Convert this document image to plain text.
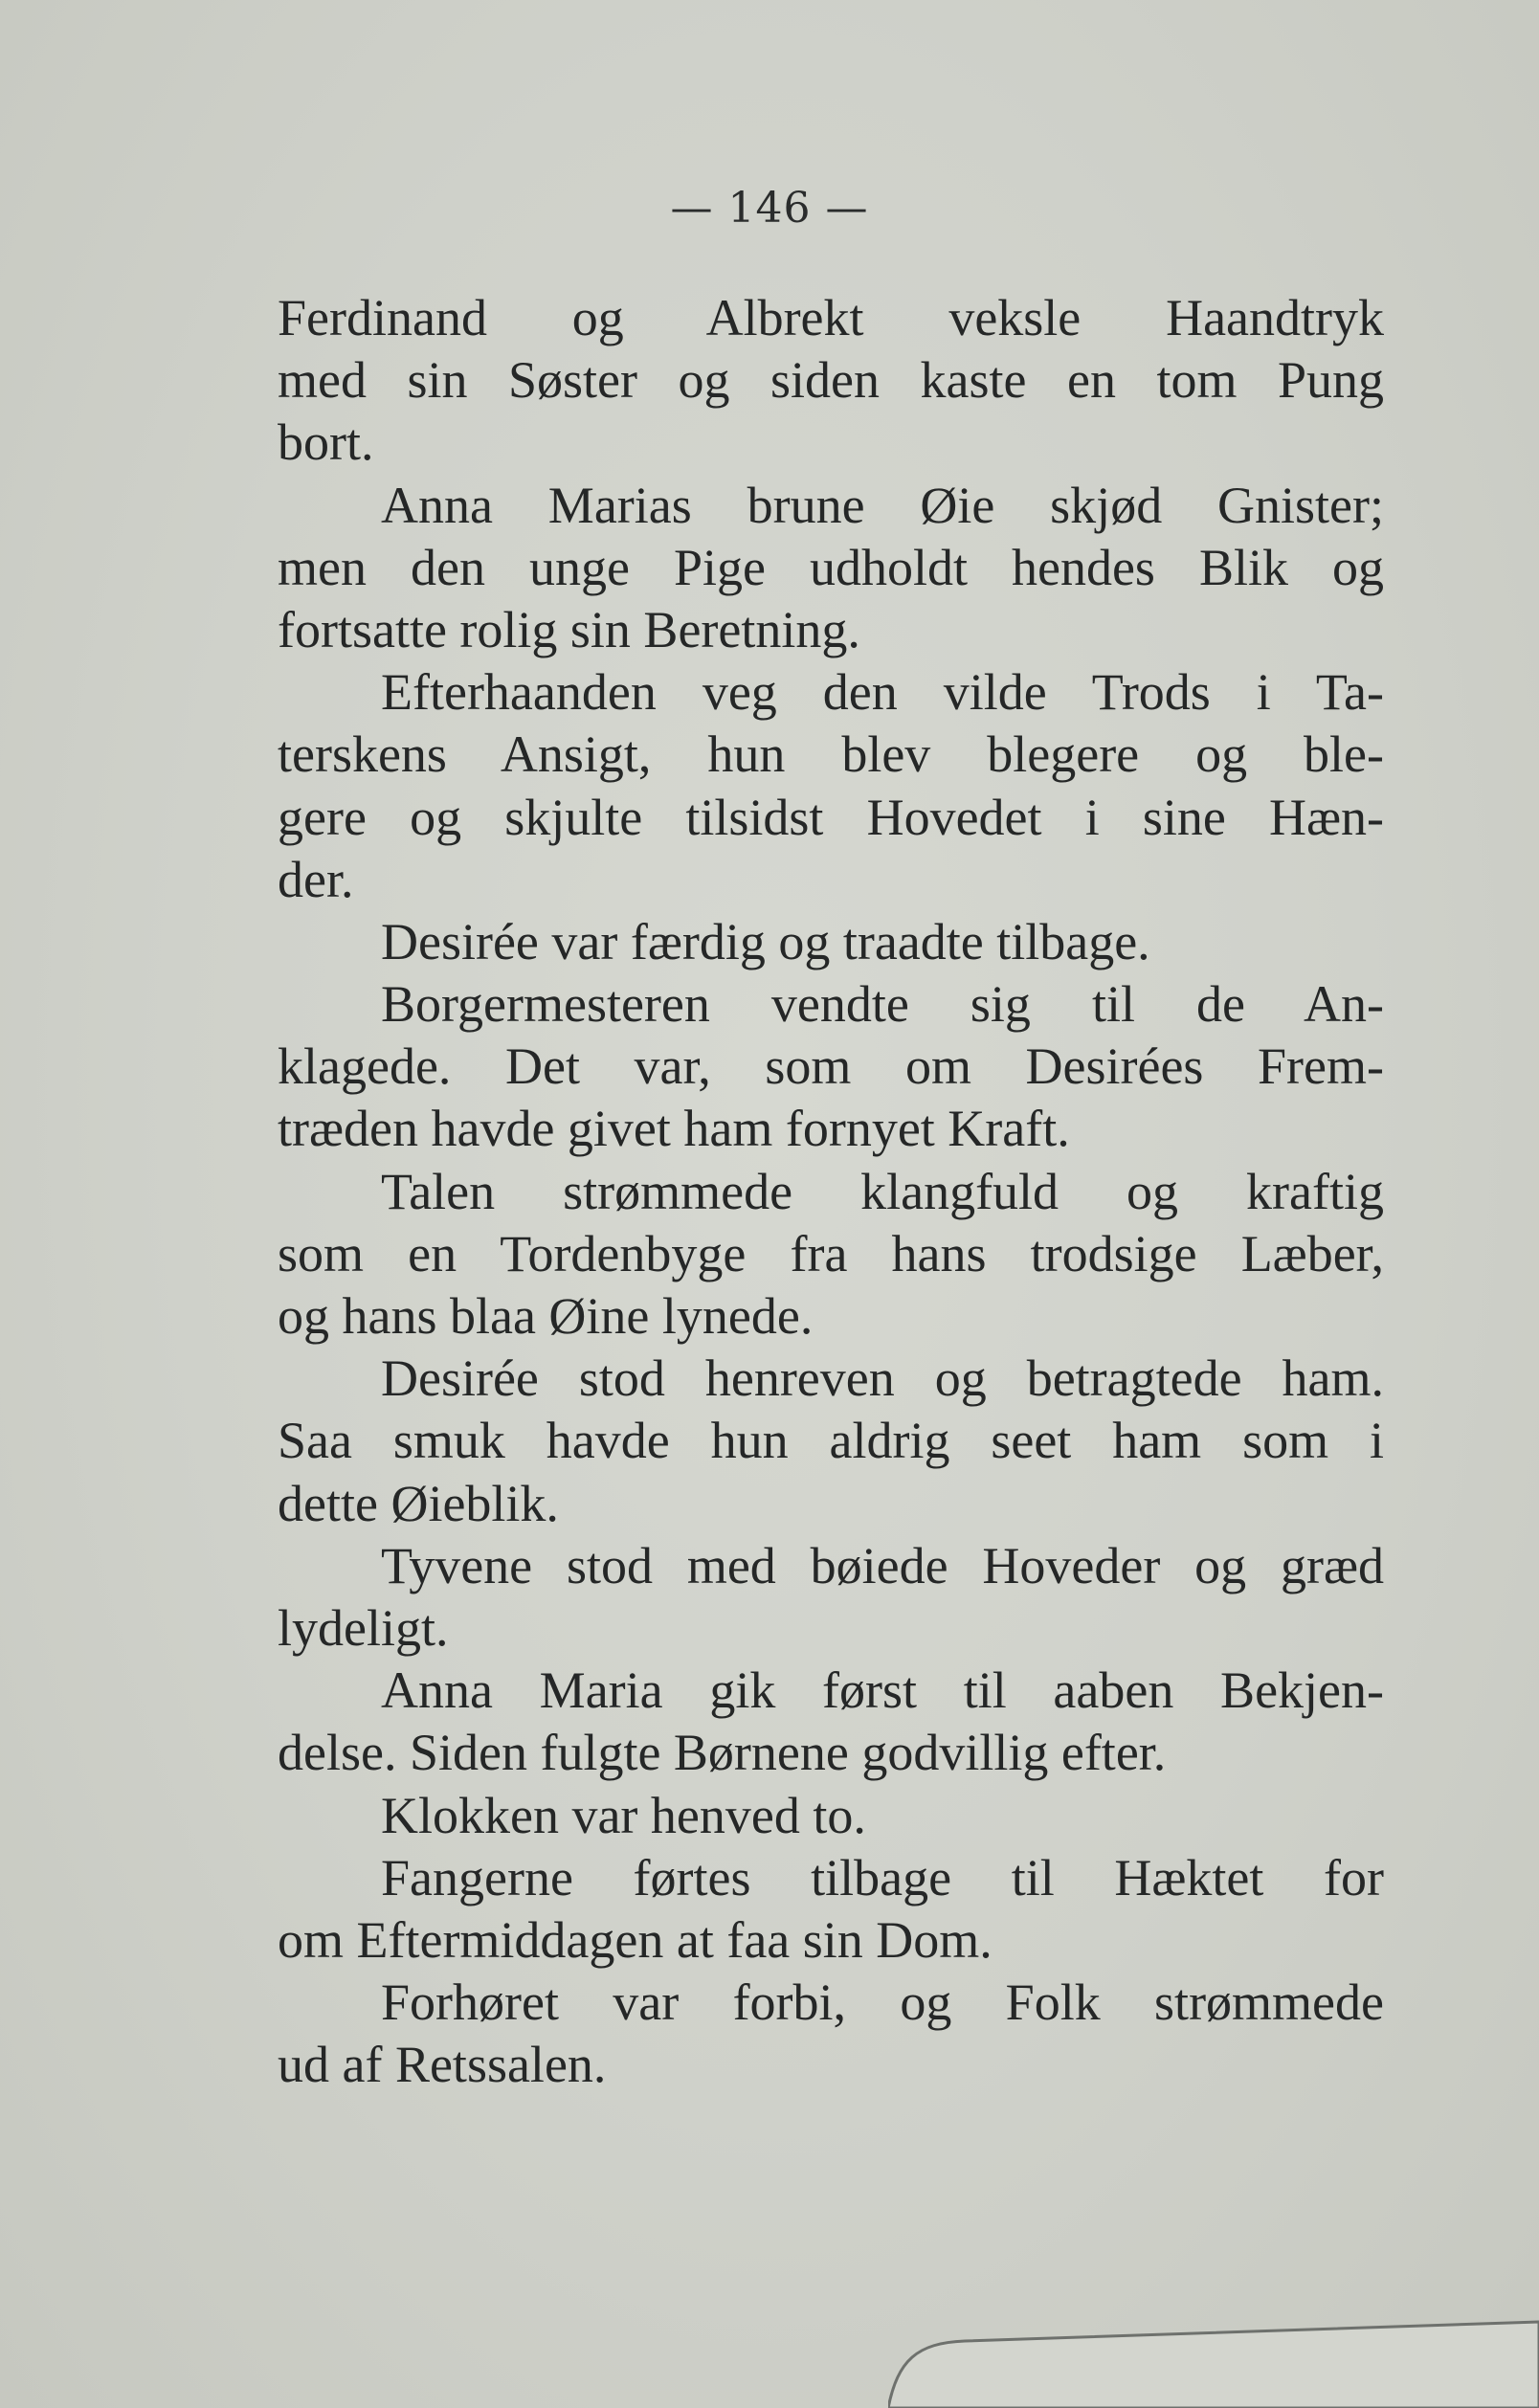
— 146 —
Ferdinand og Albrekt veksle Haandtryk
med sin Søster og siden kaste en tom Pung
bort.
Anna Marias brune Øie skjød Gnister;
men den unge Pige udholdt hendes Blik og
fortsatte rolig sin Beretning.
Efterhaanden veg den vilde Trods i Ta-
terskens Ansigt, hun blev blegere og ble-
gere og skjulte tilsidst Hovedet i sine Hæn-
der.
Desirée var færdig og traadte tilbage.
Borgermesteren vendte sig til de An-
klagede. Det var, som om Desirées Frem-
træden havde givet ham fornyet Kraft.
Talen strømmede klangfuld og kraftig
som en Tordenbyge fra hans trodsige Læber,
og hans blaa Øine lynede.
Desirée stod henreven og betragtede ham.
Saa smuk havde hun aldrig seet ham som i
dette Øieblik.
Tyvene stod med bøiede Hoveder og græd
lydeligt.
Anna Maria gik først til aaben Bekjen-
delse. Siden fulgte Børnene godvillig efter.
Klokken var henved to.
Fangerne førtes tilbage til Hæktet for
om Eftermiddagen at faa sin Dom.
Forhøret var forbi, og Folk strømmede
ud af Retssalen.
